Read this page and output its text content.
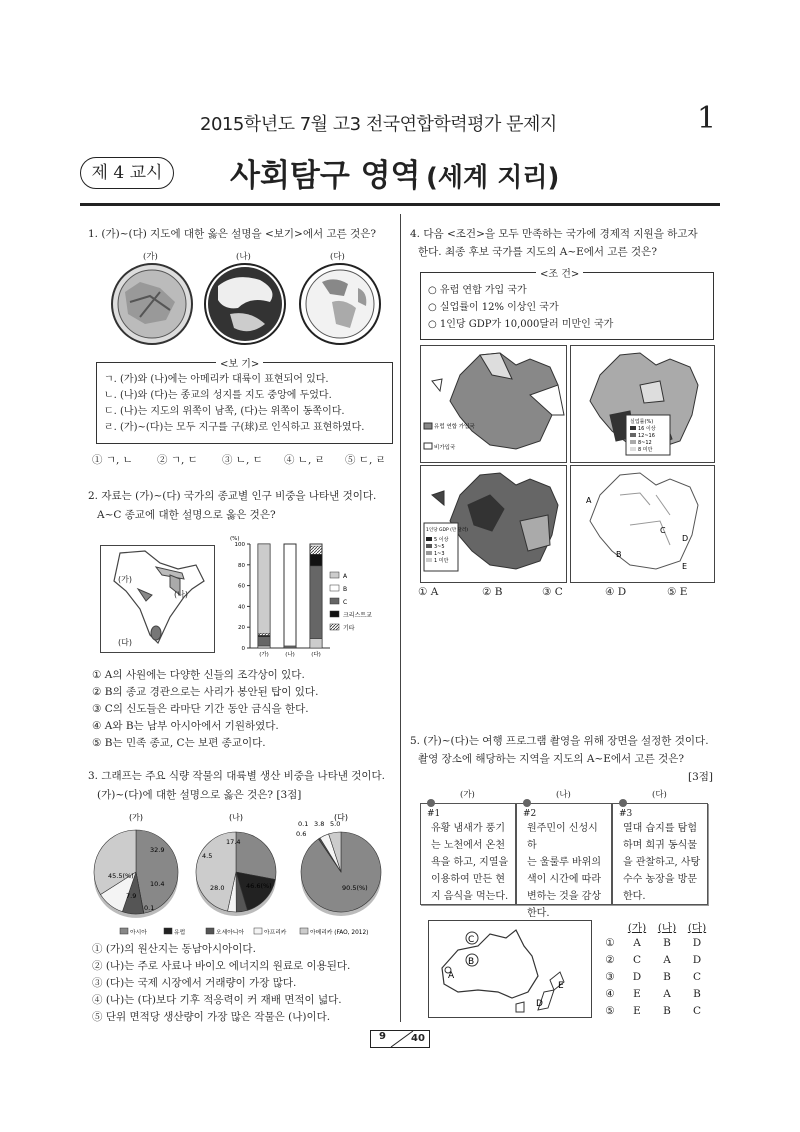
2015학년도 7월 고3 전국연합학력평가 문제지	1
제 4 교시	사회탐구 영역 (세계 지리)
1. (가)~(다) 지도에 대한 옳은 설명을 <보기>에서 고른 것은?
(가)	(나)	(다)
<보 기>
ㄱ. (가)와 (나)에는 아메리카 대륙이 표현되어 있다.
ㄴ. (나)와 (다)는 종교의 성지를 지도 중앙에 두었다.
ㄷ. (나)는 지도의 위쪽이 남쪽, (다)는 위쪽이 동쪽이다.
ㄹ. (가)~(다)는 모두 지구를 구(球)로 인식하고 표현하였다.
① ㄱ, ㄴ ② ㄱ, ㄷ ③ ㄴ, ㄷ ④ ㄴ, ㄹ ⑤ ㄷ, ㄹ
2. 자료는 (가)~(다) 국가의 종교별 인구 비중을 나타낸 것이다.
A~C 종교에 대한 설명으로 옳은 것은?
(가)
(나)
(다)
(%)
0
20
40
60
80
100
(가)	(나)	(다)
A
B
C
크리스트교
기타
① A의 사원에는 다양한 신들의 조각상이 있다.
② B의 종교 경관으로는 사리가 봉안된 탑이 있다.
③ C의 신도들은 라마단 기간 동안 금식을 한다.
④ A와 B는 남부 아시아에서 기원하였다.
⑤ B는 민족 종교, C는 보편 종교이다.
3. 그래프는 주요 식량 작물의 대륙별 생산 비중을 나타낸 것이다.
(가)~(다)에 대한 설명으로 옳은 것은? [3점]
(가)	(나)	(다)
32.9
45.5(%)
10.4
7.9
0.1
17.4
4.5
28.0	46.6(%)
0.1
0.6
3.8 5.0
90.5(%)
아시아	유럽	오세아니아	아프리카	아메리카 (FAO, 2012)
① (가)의 원산지는 동남아시아이다.
② (나)는 주로 사료나 바이오 에너지의 원료로 이용된다.
③ (다)는 국제 시장에서 거래량이 가장 많다.
④ (나)는 (다)보다 기후 적응력이 커 재배 면적이 넓다.
⑤ 단위 면적당 생산량이 가장 많은 작물은 (나)이다.
4. 다음 <조건>을 모두 만족하는 국가에 경제적 지원을 하고자
한다. 최종 후보 국가를 지도의 A~E에서 고른 것은?
<조 건>
○ 유럽 연합 가입 국가
○ 실업률이 12% 이상인 국가
○ 1인당 GDP가 10,000달러 미만인 국가
유럽 연합 가입국
비가입국
실업률(%)
16 이상
12~16
8~12
8 미만
1인당 GDP (만 달러)
5 이상
3~5
1~3
1 미만
A
B
C
D
E
① A	② B	③ C	④ D	⑤ E
5. (가)~(다)는 여행 프로그램 촬영을 위해 장면을 설정한 것이다.
촬영 장소에 해당하는 지역을 지도의 A~E에서 고른 것은?
[3점]
(가)	(나)	(다)
#1
유황 냄새가 풍기
는 노천에서 온천
욕을 하고, 지열을
이용하여 만든 현
지 음식을 먹는다.
#2
원주민이 신성시하
는 울룰루 바위의
색이 시간에 따라
변하는 것을 감상
한다.
#3
열대 습지를 탐험
하며 희귀 동식물
을 관찰하고, 사탕
수수 농장을 방문
한다.
C
B
A
D
E
(가)	(나)	(다)
①	A	B	D
②	C	A	D
③	D	B	C
④	E	A	B
⑤	E	B	C
9	40
